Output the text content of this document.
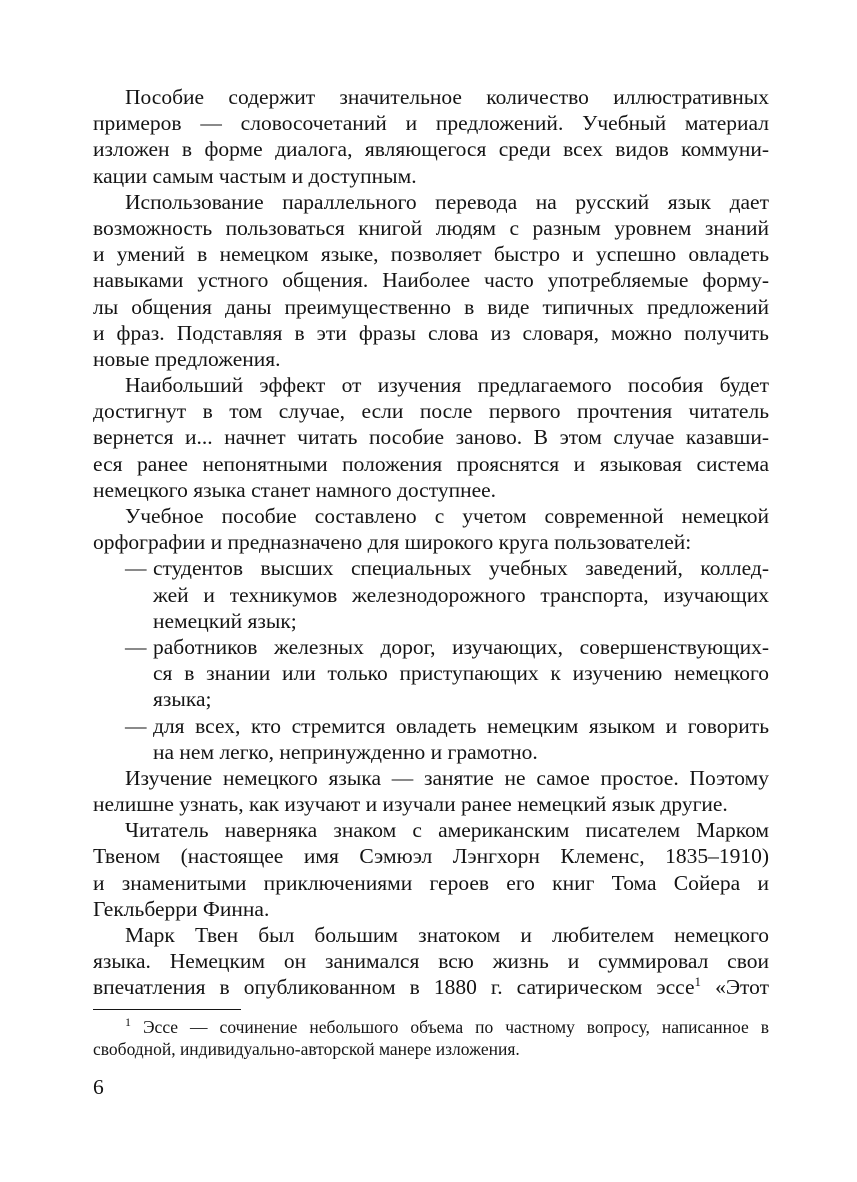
Пособие содержит значительное количество иллюстративных
примеров — словосочетаний и предложений. Учебный материал
изложен в форме диалога, являющегося среди всех видов коммуни-
кации самым частым и доступным.
Использование параллельного перевода на русский язык дает
возможность пользоваться книгой людям с разным уровнем знаний
и умений в немецком языке, позволяет быстро и успешно овладеть
навыками устного общения. Наиболее часто употребляемые форму-
лы общения даны преимущественно в виде типичных предложений
и фраз. Подставляя в эти фразы слова из словаря, можно получить
новые предложения.
Наибольший эффект от изучения предлагаемого пособия будет
достигнут в том случае, если после первого прочтения читатель
вернется и... начнет читать пособие заново. В этом случае казавши-
еся ранее непонятными положения прояснятся и языковая система
немецкого языка станет намного доступнее.
Учебное пособие составлено с учетом современной немецкой
орфографии и предназначено для широкого круга пользователей:
— студентов высших специальных учебных заведений, коллед-
жей и техникумов железнодорожного транспорта, изучающих
немецкий язык;
— работников железных дорог, изучающих, совершенствующих-
ся в знании или только приступающих к изучению немецкого
языка;
— для всех, кто стремится овладеть немецким языком и говорить
на нем легко, непринужденно и грамотно.
Изучение немецкого языка — занятие не самое простое. Поэтому
нелишне узнать, как изучают и изучали ранее немецкий язык другие.
Читатель наверняка знаком с американским писателем Марком
Твеном (настоящее имя Сэмюэл Лэнгхорн Клеменс, 1835–1910)
и знаменитыми приключениями героев его книг Тома Сойера и
Гекльберри Финна.
Марк Твен был большим знатоком и любителем немецкого
языка. Немецким он занимался всю жизнь и суммировал свои
впечатления в опубликованном в 1880 г. сатирическом эссе$^1$ «Этот
$^1$ Эссе — сочинение небольшого объема по частному вопросу, написанное в
свободной, индивидуально-авторской манере изложения.
6
